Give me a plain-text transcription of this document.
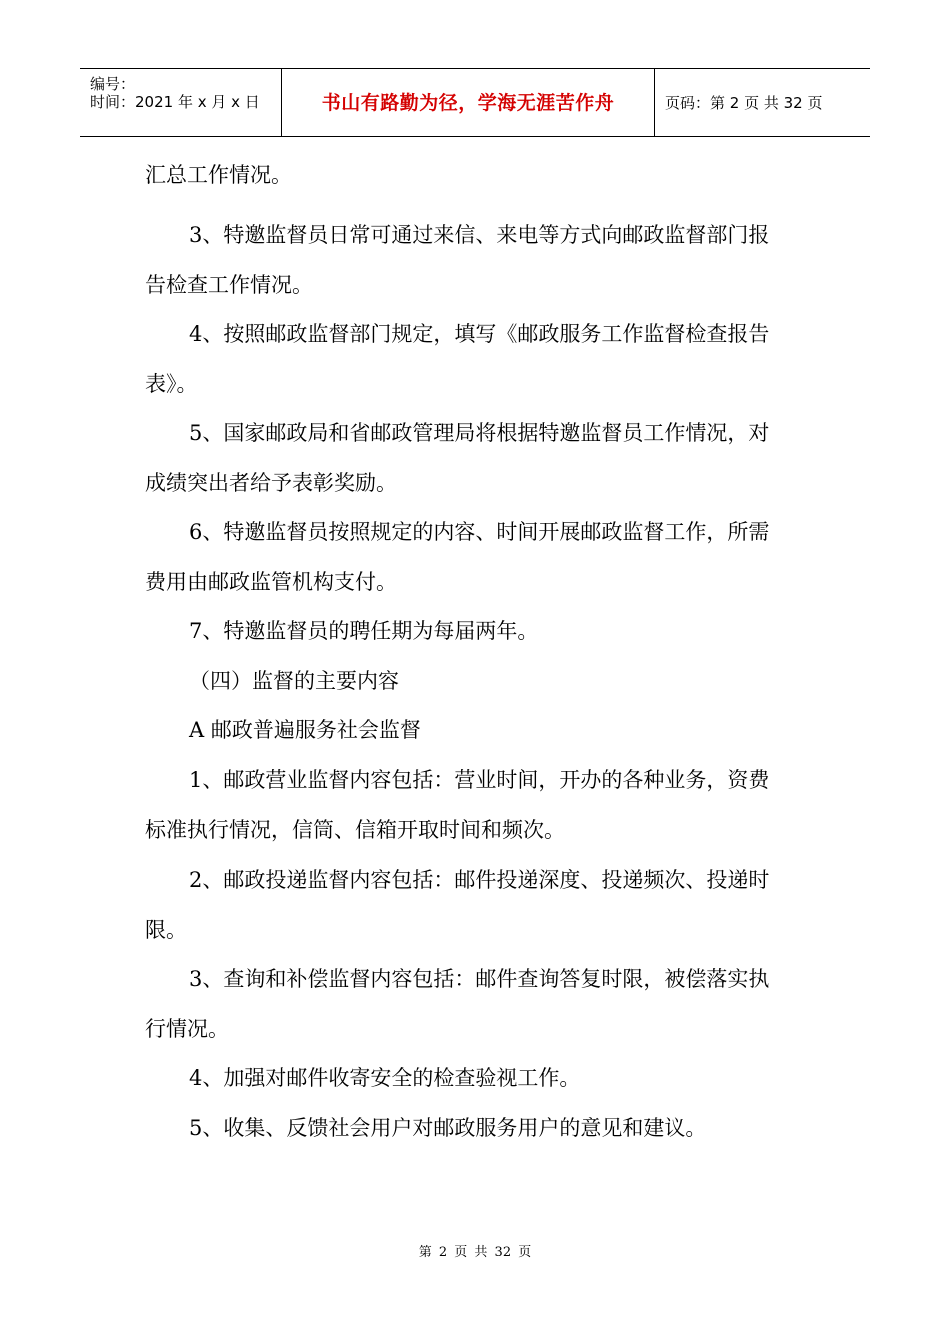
编号：
时间：2021 年 x 月 x 日	书山有路勤为径，学海无涯苦作舟	页码：第 2 页 共 32 页
汇总工作情况。
3、特邀监督员日常可通过来信、来电等方式向邮政监督部门报
告检查工作情况。
4、按照邮政监督部门规定，填写《邮政服务工作监督检查报告
表》。
5、国家邮政局和省邮政管理局将根据特邀监督员工作情况，对
成绩突出者给予表彰奖励。
6、特邀监督员按照规定的内容、时间开展邮政监督工作，所需
费用由邮政监管机构支付。
7、特邀监督员的聘任期为每届两年。
（四）监督的主要内容
A 邮政普遍服务社会监督
1、邮政营业监督内容包括：营业时间，开办的各种业务，资费
标准执行情况，信筒、信箱开取时间和频次。
2、邮政投递监督内容包括：邮件投递深度、投递频次、投递时
限。
3、查询和补偿监督内容包括：邮件查询答复时限，被偿落实执
行情况。
4、加强对邮件收寄安全的检查验视工作。
5、收集、反馈社会用户对邮政服务用户的意见和建议。
第 2 页 共 32 页
